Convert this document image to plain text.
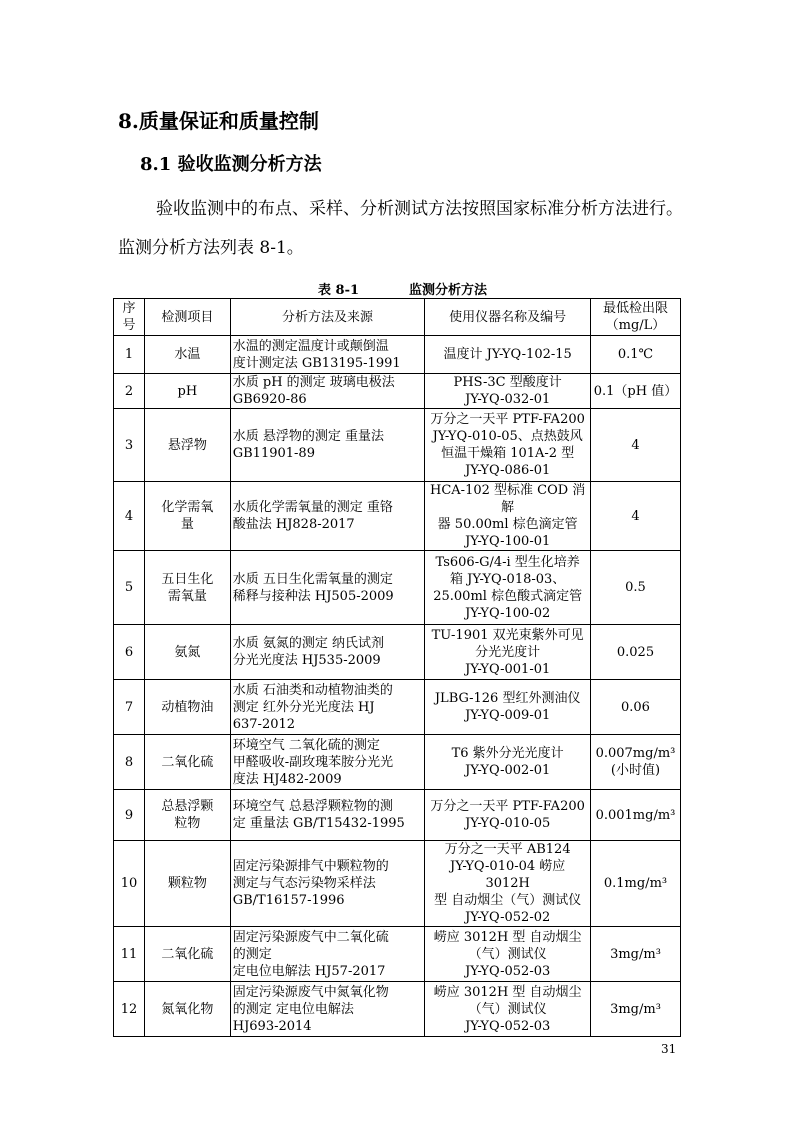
8.质量保证和质量控制
8.1 验收监测分析方法
验收监测中的布点、采样、分析测试方法按照国家标准分析方法进行。监测分析方法列表 8-1。
表 8-1	监测分析方法
序
号	检测项目	分析方法及来源	使用仪器名称及编号	最低检出限
（mg/L）
1	水温	水温的测定温度计或颠倒温
度计测定法 GB13195-1991	温度计 JY-YQ-102-15	0.1℃
2	pH	水质 pH 的测定 玻璃电极法
GB6920-86	PHS-3C 型酸度计
JY-YQ-032-01	0.1（pH 值）
3	悬浮物	水质 悬浮物的测定 重量法
GB11901-89	万分之一天平 PTF-FA200
JY-YQ-010-05、点热鼓风
恒温干燥箱 101A-2 型
JY-YQ-086-01	4
4	化学需氧
量	水质化学需氧量的测定 重铬
酸盐法 HJ828-2017	HCA-102 型标准 COD 消解
器 50.00ml 棕色滴定管
JY-YQ-100-01	4
5	五日生化
需氧量	水质 五日生化需氧量的测定
稀释与接种法 HJ505-2009	Ts606-G/4-i 型生化培养
箱 JY-YQ-018-03、
25.00ml 棕色酸式滴定管
JY-YQ-100-02	0.5
6	氨氮	水质 氨氮的测定 纳氏试剂
分光光度法 HJ535-2009	TU-1901 双光束紫外可见
分光光度计
JY-YQ-001-01	0.025
7	动植物油	水质 石油类和动植物油类的
测定 红外分光光度法 HJ
637-2012	JLBG-126 型红外测油仪
JY-YQ-009-01	0.06
8	二氧化硫	环境空气 二氧化硫的测定
甲醛吸收-副玫瑰苯胺分光光
度法 HJ482-2009	T6 紫外分光光度计
JY-YQ-002-01	0.007mg/m³
(小时值)
9	总悬浮颗
粒物	环境空气 总悬浮颗粒物的测
定 重量法 GB/T15432-1995	万分之一天平 PTF-FA200
JY-YQ-010-05	0.001mg/m³
10	颗粒物	固定污染源排气中颗粒物的
测定与气态污染物采样法
GB/T16157-1996	万分之一天平 AB124
JY-YQ-010-04 崂应 3012H
型 自动烟尘（气）测试仪
JY-YQ-052-02	0.1mg/m³
11	二氧化硫	固定污染源废气中二氧化硫
的测定
定电位电解法 HJ57-2017	崂应 3012H 型 自动烟尘
（气）测试仪
JY-YQ-052-03	3mg/m³
12	氮氧化物	固定污染源废气中氮氧化物
的测定 定电位电解法
HJ693-2014	崂应 3012H 型 自动烟尘
（气）测试仪
JY-YQ-052-03	3mg/m³
31
